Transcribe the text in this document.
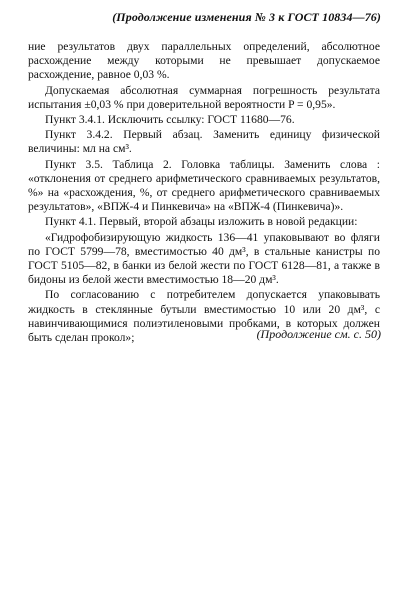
(Продолжение изменения № 3 к ГОСТ 10834—76)

ние результатов двух параллельных определений, абсолютное расхождение между которыми не превышает допускаемое расхождение, равное 0,03 %.

Допускаемая абсолютная суммарная погрешность результата испытания ±0,03 % при доверительной вероятности P = 0,95».

Пункт 3.4.1. Исключить ссылку: ГОСТ 11680—76.

Пункт 3.4.2. Первый абзац. Заменить единицу физической величины: мл на см³.

Пункт 3.5. Таблица 2. Головка таблицы. Заменить слова : «отклонения от среднего арифметического сравниваемых результатов, %» на «расхождения, %, от среднего арифметического сравниваемых результатов», «ВПЖ-4 и Пинкевича» на «ВПЖ-4 (Пинкевича)».

Пункт 4.1. Первый, второй абзацы изложить в новой редакции:

«Гидрофобизирующую жидкость 136—41 упаковывают во фляги по ГОСТ 5799—78, вместимостью 40 дм³, в стальные канистры по ГОСТ 5105—82, в банки из белой жести по ГОСТ 6128—81, а также в бидоны из белой жести вместимостью 18—20 дм³.

По согласованию с потребителем допускается упаковывать жидкость в стеклянные бутыли вместимостью 10 или 20 дм³, с навинчивающимися полиэтиленовыми пробками, в которых должен быть сделан прокол»;	(Продолжение см. с. 50)
